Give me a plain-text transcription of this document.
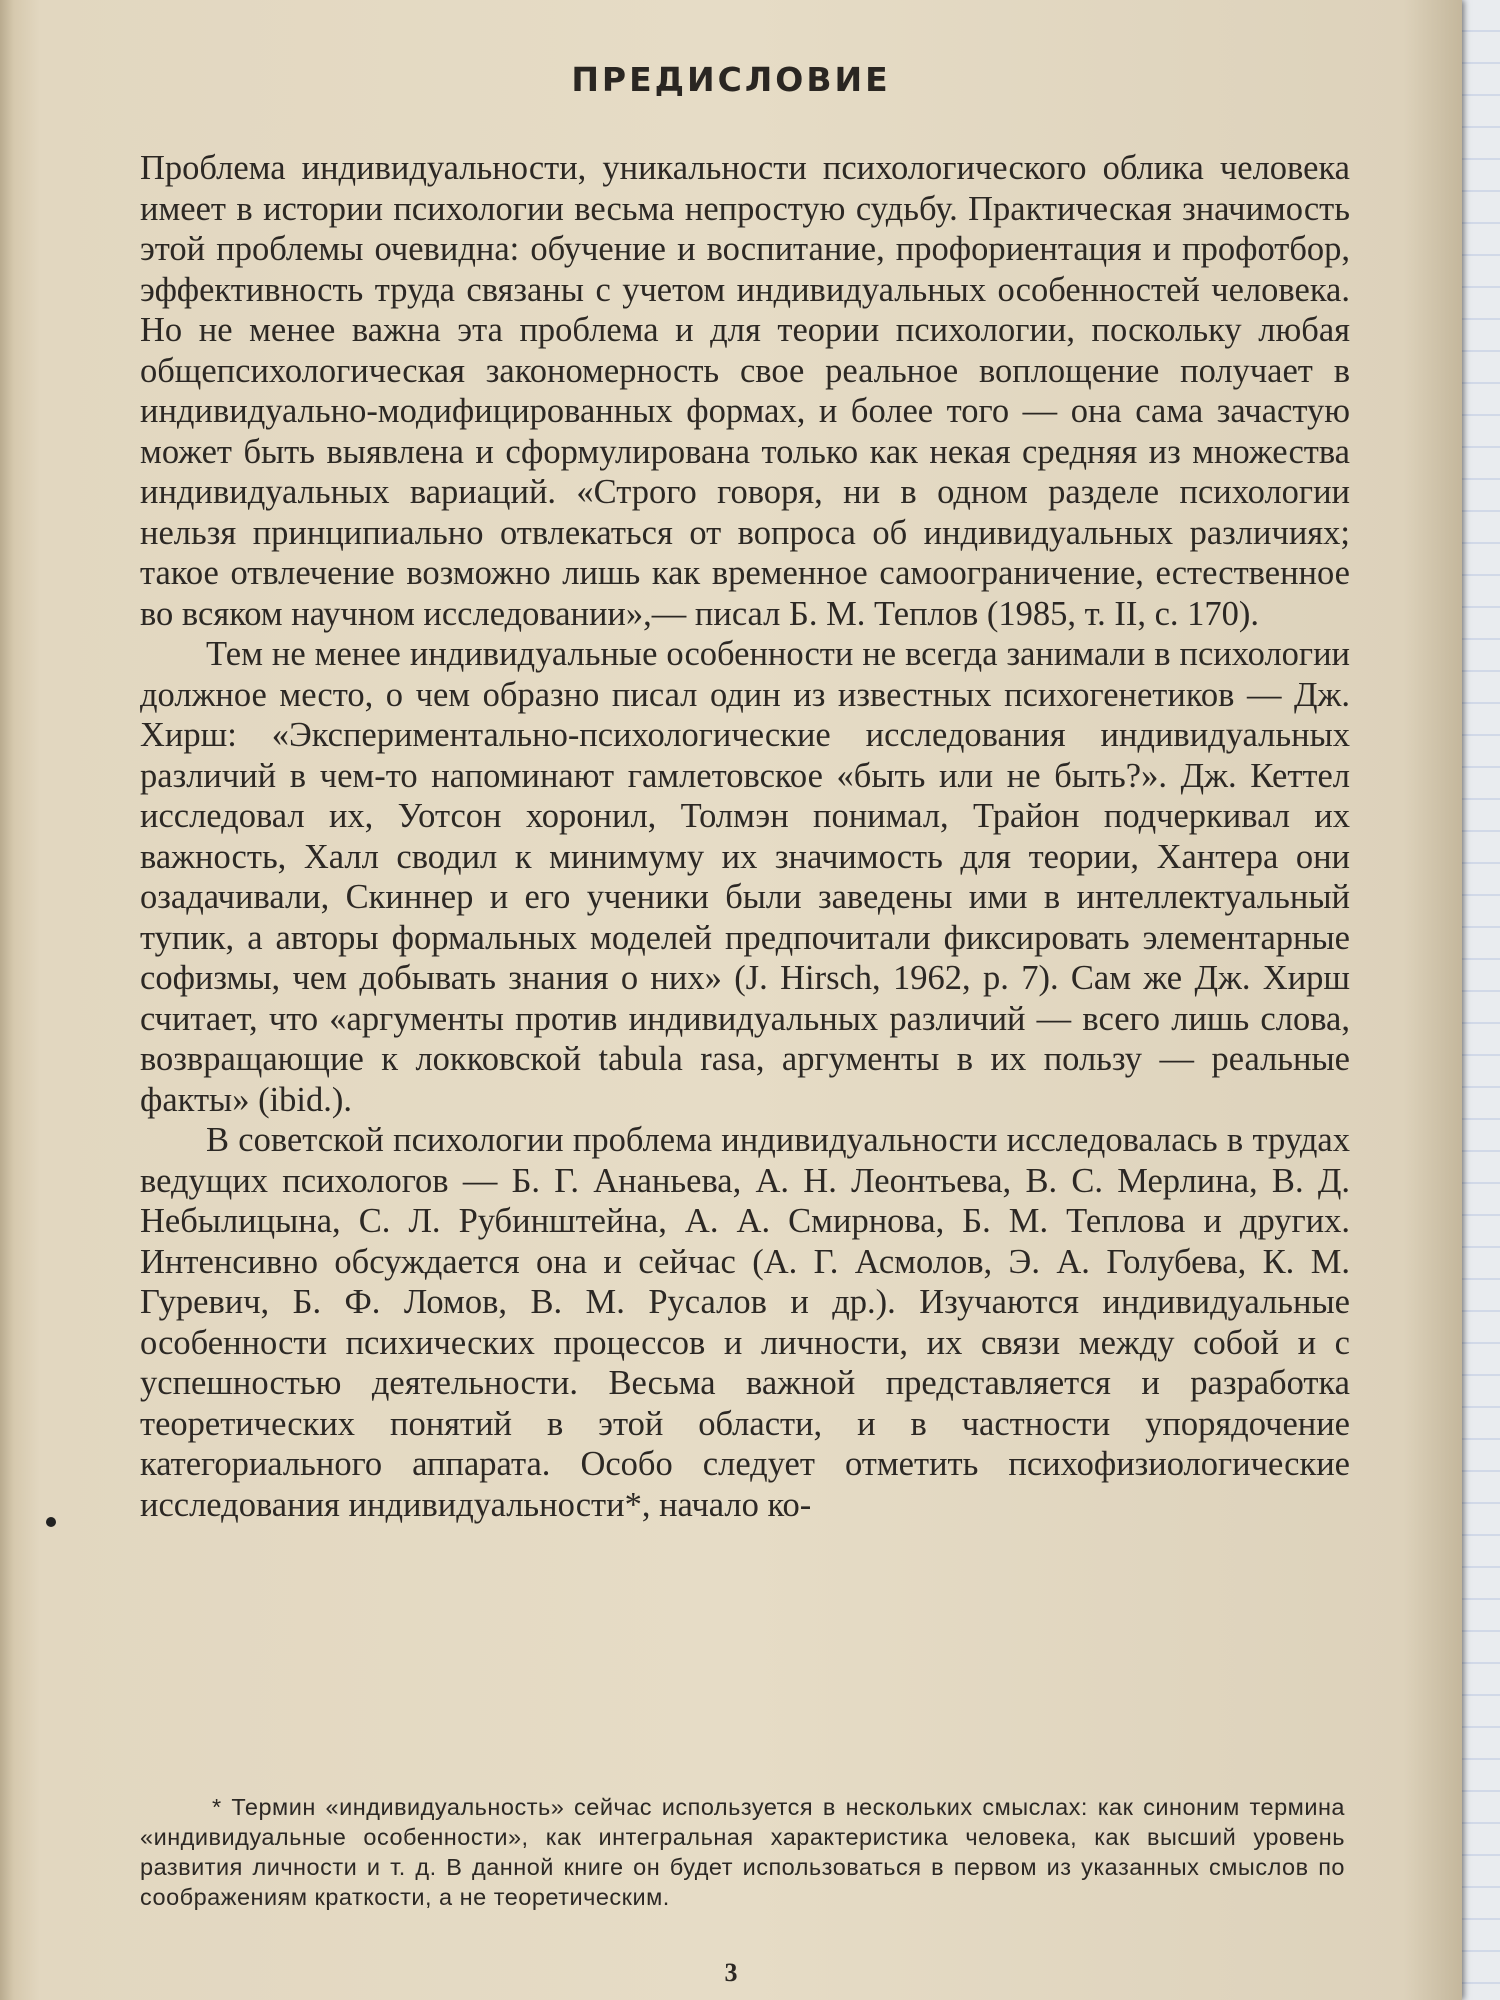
ПРЕДИСЛОВИЕ

Проблема индивидуальности, уникальности психологического облика человека имеет в истории психологии весьма непростую судьбу. Практическая значимость этой проблемы очевидна: обучение и воспитание, профориентация и профотбор, эффективность труда связаны с учетом индивидуальных особенностей человека. Но не менее важна эта проблема и для теории психологии, поскольку любая общепсихологическая закономерность свое реальное воплощение получает в индивидуально-модифицированных формах, и более того — она сама зачастую может быть выявлена и сформулирована только как некая средняя из множества индивидуальных вариаций. «Строго говоря, ни в одном разделе психологии нельзя принципиально отвлекаться от вопроса об индивидуальных различиях; такое отвлечение возможно лишь как временное самоограничение, естественное во всяком научном исследовании»,— писал Б. М. Теплов (1985, т. II, с. 170).

Тем не менее индивидуальные особенности не всегда занимали в психологии должное место, о чем образно писал один из известных психогенетиков — Дж. Хирш: «Экспериментально-психологические исследования индивидуальных различий в чем-то напоминают гамлетовское «быть или не быть?». Дж. Кеттел исследовал их, Уотсон хоронил, Толмэн понимал, Трайон подчеркивал их важность, Халл сводил к минимуму их значимость для теории, Хантера они озадачивали, Скиннер и его ученики были заведены ими в интеллектуальный тупик, а авторы формальных моделей предпочитали фиксировать элементарные софизмы, чем добывать знания о них» (J. Hirsch, 1962, p. 7). Сам же Дж. Хирш считает, что «аргументы против индивидуальных различий — всего лишь слова, возвращающие к локковской tabula rasa, аргументы в их пользу — реальные факты» (ibid.).

В советской психологии проблема индивидуальности исследовалась в трудах ведущих психологов — Б. Г. Ананьева, А. Н. Леонтьева, В. С. Мерлина, В. Д. Небылицына, С. Л. Рубинштейна, А. А. Смирнова, Б. М. Теплова и других. Интенсивно обсуждается она и сейчас (А. Г. Асмолов, Э. А. Голубева, К. М. Гуревич, Б. Ф. Ломов, В. М. Русалов и др.). Изучаются индивидуальные особенности психических процессов и личности, их связи между собой и с успешностью деятельности. Весьма важной представляется и разработка теоретических понятий в этой области, и в частности упорядочение категориального аппарата. Особо следует отметить психофизиологические исследования индивидуальности*, начало ко-

* Термин «индивидуальность» сейчас используется в нескольких смыслах: как синоним термина «индивидуальные особенности», как интегральная характеристика человека, как высший уровень развития личности и т. д. В данной книге он будет использоваться в первом из указанных смыслов по соображениям краткости, а не теоретическим.
3
